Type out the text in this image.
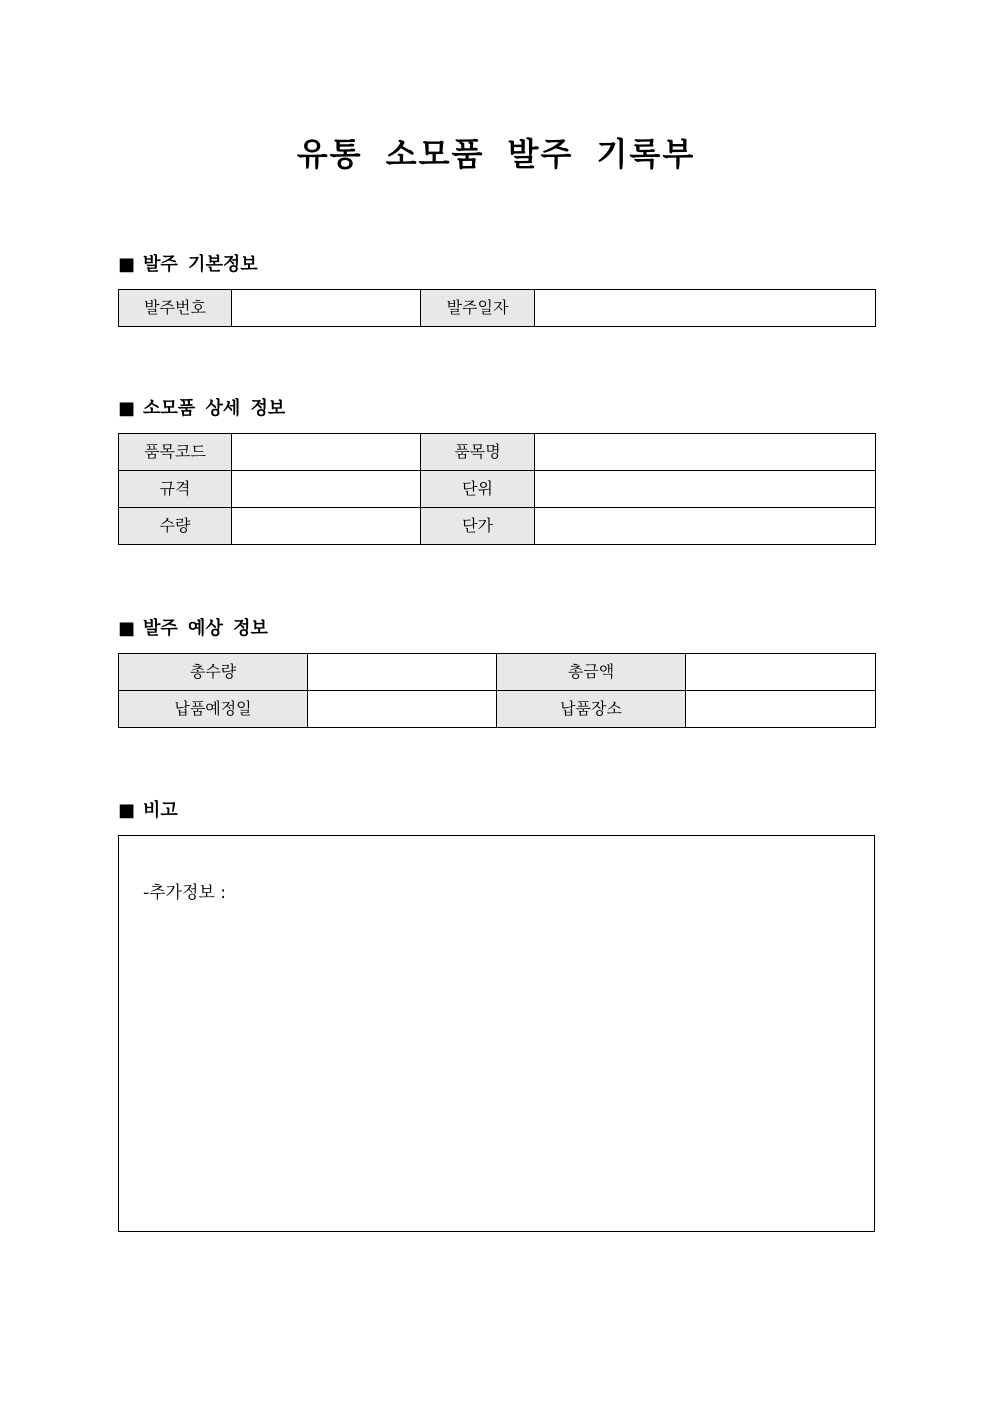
유통 소모품 발주 기록부
■ 발주 기본정보
발주번호		발주일자	
■ 소모품 상세 정보
품목코드		품목명	
규격		단위	
수량		단가	
■ 발주 예상 정보
총수량		총금액	
납품예정일		납품장소	
■ 비고
-추가정보 :
